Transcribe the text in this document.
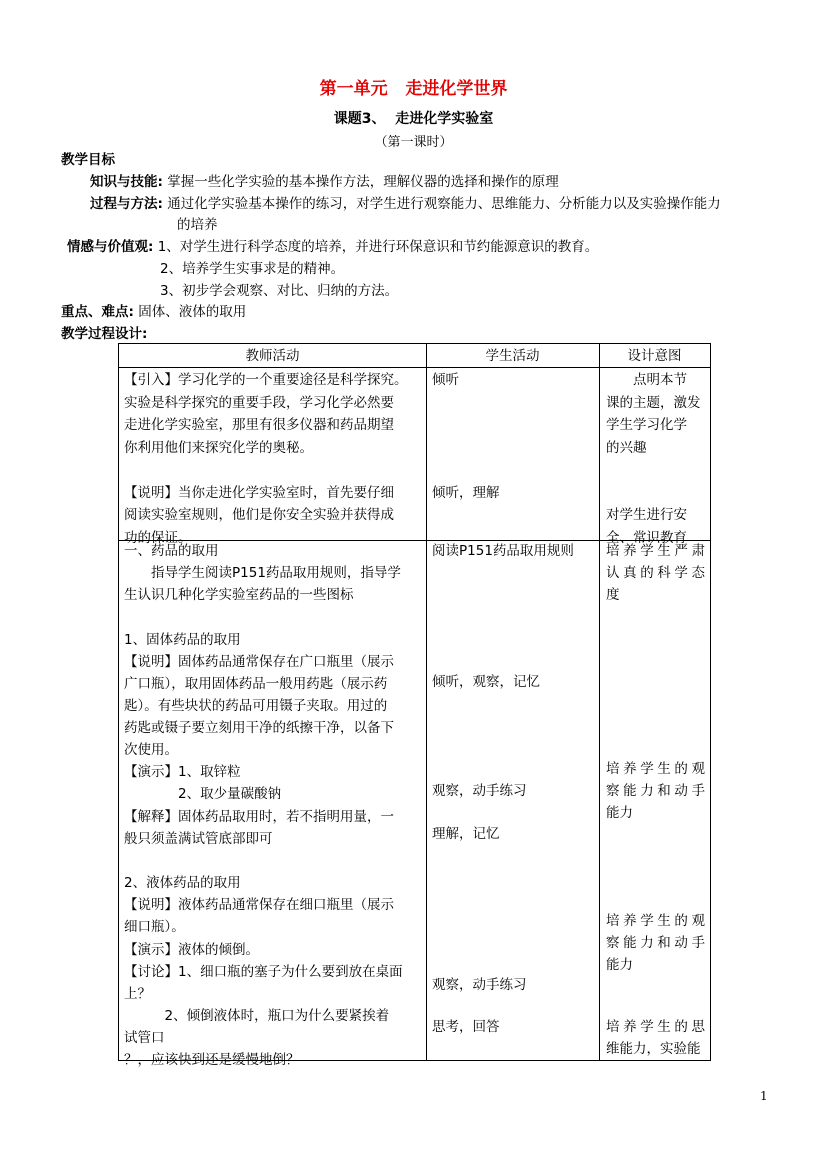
第一单元   走进化学世界
课题3、  走进化学实验室
（第一课时）
教学目标
知识与技能: 掌握一些化学实验的基本操作方法，理解仪器的选择和操作的原理
过程与方法: 通过化学实验基本操作的练习，对学生进行观察能力、思维能力、分析能力以及实验操作能力
的培养
情感与价值观: 1、对学生进行科学态度的培养，并进行环保意识和节约能源意识的教育。
2、培养学生实事求是的精神。
3、初步学会观察、对比、归纳的方法。
重点、难点: 固体、液体的取用
教学过程设计:
教师活动	学生活动	设计意图

【引入】学习化学的一个重要途径是科学探究。

实验是科学探究的重要手段，学习化学必然要

走进化学实验室，那里有很多仪器和药品期望

你利用他们来探究化学的奥秘。

【说明】当你走进化学实验室时，首先要仔细

阅读实验室规则，他们是你安全实验并获得成

功的保证。

倾听

倾听，理解

点明本节

课的主题，激发

学生学习化学

的兴趣

对学生进行安

全、常识教育

一、药品的取用

　　指导学生阅读P151药品取用规则，指导学

生认识几种化学实验室药品的一些图标

1、固体药品的取用

【说明】固体药品通常保存在广口瓶里（展示

广口瓶），取用固体药品一般用药匙（展示药

匙）。有些块状的药品可用镊子夹取。用过的

药匙或镊子要立刻用干净的纸擦干净，以备下

次使用。

【演示】1、取锌粒

　　　　2、取少量碳酸钠

【解释】固体药品取用时，若不指明用量，一

般只须盖满试管底部即可

2、液体药品的取用

【说明】液体药品通常保存在细口瓶里（展示

细口瓶）。

【演示】液体的倾倒。

【讨论】1、细口瓶的塞子为什么要到放在桌面

上？

　　　2、倾倒液体时，瓶口为什么要紧挨着

试管口

？，应该快到还是缓慢地倒？

阅读P151药品取用规则

倾听，观察，记忆

观察，动手练习

理解，记忆

观察，动手练习

思考，回答

培养学生严肃

认真的科学态

度

培养学生的观

察能力和动手

能力

培养学生的观

察能力和动手

能力

培养学生的思

维能力，实验能

1
